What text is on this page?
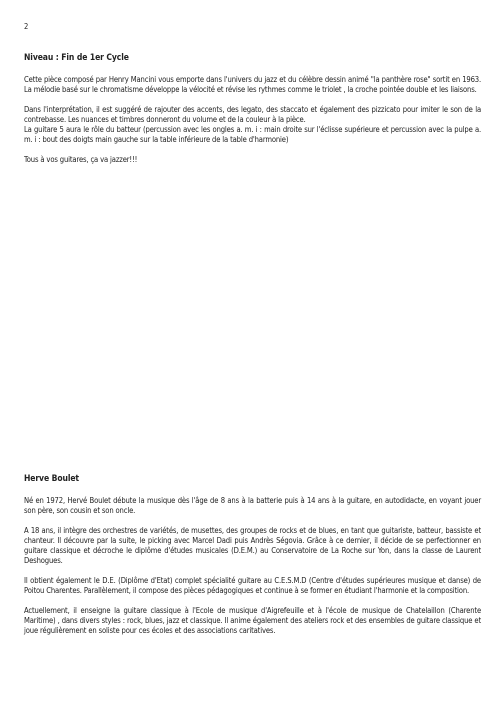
2
Niveau : Fin de 1er Cycle

Cette pièce composé par Henry Mancini vous emporte dans l'univers du jazz et du célèbre dessin animé "la panthère rose" sortit en 1963. La mélodie basé sur le chromatisme développe la vélocité et révise les rythmes comme le triolet , la croche pointée double et les liaisons.

Dans l'interprétation, il est suggéré de rajouter des accents, des legato, des staccato et également des pizzicato pour imiter le son de la contrebasse. Les nuances et timbres donneront du volume et de la couleur à la pièce.

La guitare 5 aura le rôle du batteur (percussion avec les ongles a. m. i : main droite sur l'éclisse supérieure et percussion avec la pulpe a. m. i : bout des doigts main gauche sur la table inférieure de la table d'harmonie)

Tous à vos guitares, ça va jazzer!!!

Herve Boulet

Né en 1972, Hervé Boulet débute la musique dès l'âge de 8 ans à la batterie puis à 14 ans à la guitare, en autodidacte, en voyant jouer son père, son cousin et son oncle.

A 18 ans, il intègre des orchestres de variétés, de musettes, des groupes de rocks et de blues, en tant que guitariste, batteur, bassiste et chanteur. Il découvre par la suite, le picking avec Marcel Dadi puis Andrès Ségovia. Grâce à ce dernier, il décide de se perfectionner en guitare classique et décroche le diplôme d'études musicales (D.E.M.) au Conservatoire de La Roche sur Yon, dans la classe de Laurent Deshogues.

Il obtient également le D.E. (Diplôme d'Etat) complet spécialité guitare au C.E.S.M.D (Centre d'études supérieures musique et danse) de Poitou Charentes. Parallèlement, il compose des pièces pédagogiques et continue à se former en étudiant l'harmonie et la composition.

Actuellement, il enseigne la guitare classique à l'Ecole de musique d'Aigrefeuille et à l'école de musique de Chatelaillon (Charente Maritime) , dans divers styles : rock, blues, jazz et classique. Il anime également des ateliers rock et des ensembles de guitare classique et joue régulièrement en soliste pour ces écoles et des associations caritatives.
